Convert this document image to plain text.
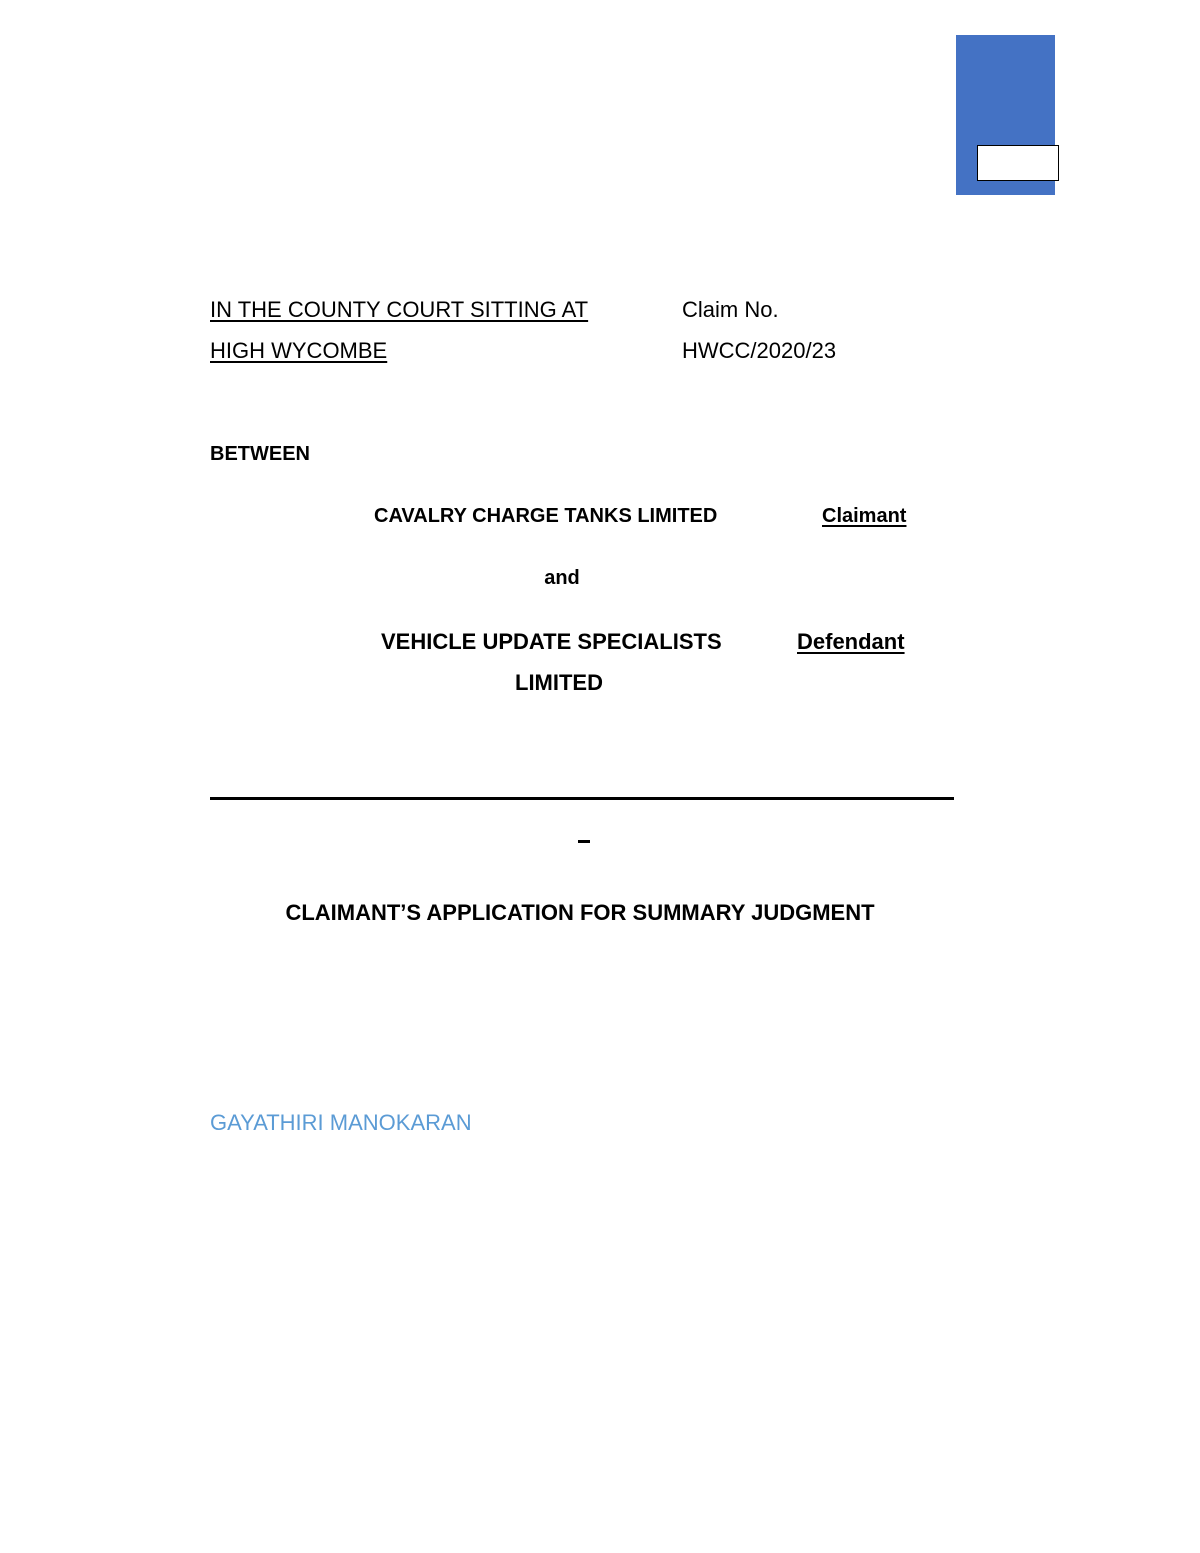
IN THE COUNTY COURT SITTING AT
HIGH WYCOMBE
Claim No.
HWCC/2020/23
BETWEEN
CAVALRY CHARGE TANKS LIMITED	Claimant
and
VEHICLE UPDATE SPECIALISTS
LIMITED
Defendant
CLAIMANT’S APPLICATION FOR SUMMARY JUDGMENT
GAYATHIRI MANOKARAN
